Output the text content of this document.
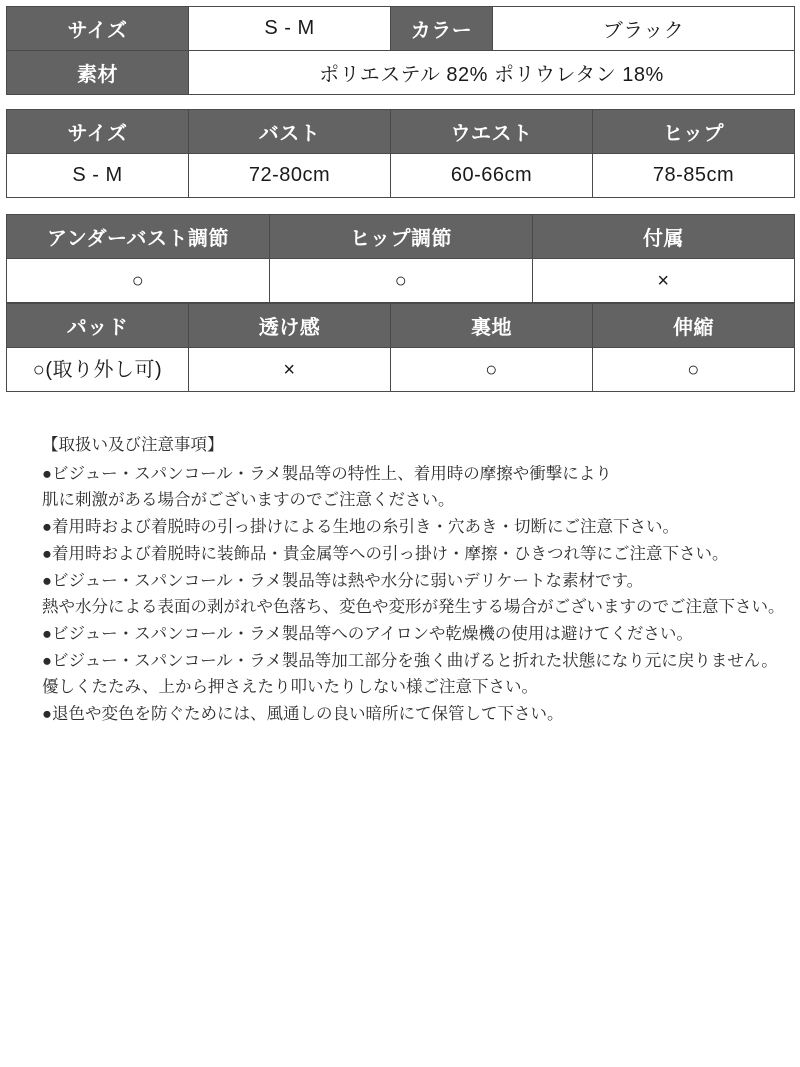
サイズ	S - M	カラー	ブラック
素材	ポリエステル 82% ポリウレタン 18%		
サイズ	バスト	ウエスト	ヒップ
S - M	72-80cm	60-66cm	78-85cm
アンダーバスト調節	ヒップ調節	付属
○	○	×
パッド	透け感	裏地	伸縮
○(取り外し可)	×	○	○
【取扱い及び注意事項】
●ビジュー・スパンコール・ラメ製品等の特性上、着用時の摩擦や衝撃により
肌に刺激がある場合がございますのでご注意ください。
●着用時および着脱時の引っ掛けによる生地の糸引き・穴あき・切断にご注意下さい。
●着用時および着脱時に装飾品・貴金属等への引っ掛け・摩擦・ひきつれ等にご注意下さい。
●ビジュー・スパンコール・ラメ製品等は熱や水分に弱いデリケートな素材です。
熱や水分による表面の剥がれや色落ち、変色や変形が発生する場合がございますのでご注意下さい。
●ビジュー・スパンコール・ラメ製品等へのアイロンや乾燥機の使用は避けてください。
●ビジュー・スパンコール・ラメ製品等加工部分を強く曲げると折れた状態になり元に戻りません。
優しくたたみ、上から押さえたり叩いたりしない様ご注意下さい。
●退色や変色を防ぐためには、風通しの良い暗所にて保管して下さい。
